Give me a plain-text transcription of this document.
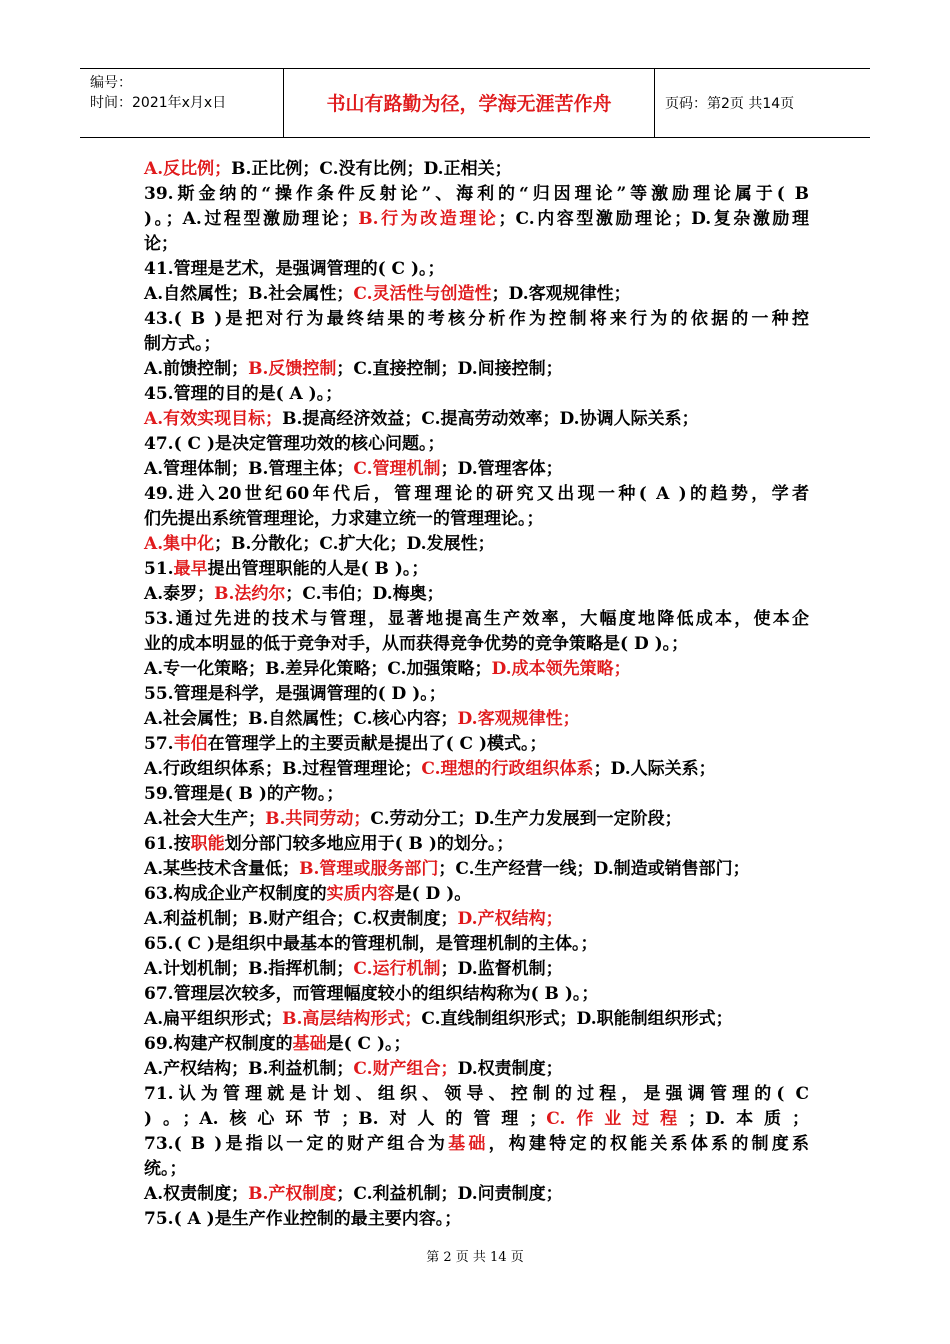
编号：
时间：2021年x月x日	书山有路勤为径，学海无涯苦作舟	页码：第2页 共14页
A.反比例；B.正比例；C.没有比例；D.正相关；
39.斯金纳的“操作条件反射论”、海利的“归因理论”等激励理论属于( B
)。；A.过程型激励理论；B.行为改造理论；C.内容型激励理论；D.复杂激励理
论；
41.管理是艺术，是强调管理的( C )。；
A.自然属性；B.社会属性；C.灵活性与创造性；D.客观规律性；
43.( B )是把对行为最终结果的考核分析作为控制将来行为的依据的一种控
制方式。；
A.前馈控制；B.反馈控制；C.直接控制；D.间接控制；
45.管理的目的是( A )。；
A.有效实现目标；B.提高经济效益；C.提高劳动效率；D.协调人际关系；
47.( C )是决定管理功效的核心问题。；
A.管理体制；B.管理主体；C.管理机制；D.管理客体；
49.进入20世纪60年代后，管理理论的研究又出现一种( A )的趋势，学者
们先提出系统管理理论，力求建立统一的管理理论。；
A.集中化；B.分散化；C.扩大化；D.发展性；
51.最早提出管理职能的人是( B )。；
A.泰罗；B.法约尔；C.韦伯；D.梅奥；
53.通过先进的技术与管理，显著地提高生产效率，大幅度地降低成本，使本企
业的成本明显的低于竞争对手，从而获得竞争优势的竞争策略是( D )。；
A.专一化策略；B.差异化策略；C.加强策略；D.成本领先策略；
55.管理是科学，是强调管理的( D )。；
A.社会属性；B.自然属性；C.核心内容；D.客观规律性；
57.韦伯在管理学上的主要贡献是提出了( C )模式。；
A.行政组织体系；B.过程管理理论；C.理想的行政组织体系；D.人际关系；
59.管理是( B )的产物。；
A.社会大生产；B.共同劳动；C.劳动分工；D.生产力发展到一定阶段；
61.按职能划分部门较多地应用于( B )的划分。；
A.某些技术含量低；B.管理或服务部门；C.生产经营一线；D.制造或销售部门；
63.构成企业产权制度的实质内容是( D )。
A.利益机制；B.财产组合；C.权责制度；D.产权结构；
65.( C )是组织中最基本的管理机制，是管理机制的主体。；
A.计划机制；B.指挥机制；C.运行机制；D.监督机制；
67.管理层次较多，而管理幅度较小的组织结构称为( B )。；
A.扁平组织形式；B.高层结构形式；C.直线制组织形式；D.职能制组织形式；
69.构建产权制度的基础是( C )。；
A.产权结构；B.利益机制；C.财产组合；D.权责制度；
71.认为管理就是计划、组织、领导、控制的过程，是强调管理的( C
)。；A.核心环节；B.对人的管理；C.作业过程；D.本质；
73.( B )是指以一定的财产组合为基础，构建特定的权能关系体系的制度系
统。；
A.权责制度；B.产权制度；C.利益机制；D.问责制度；
75.( A )是生产作业控制的最主要内容。；
第 2 页 共 14 页
